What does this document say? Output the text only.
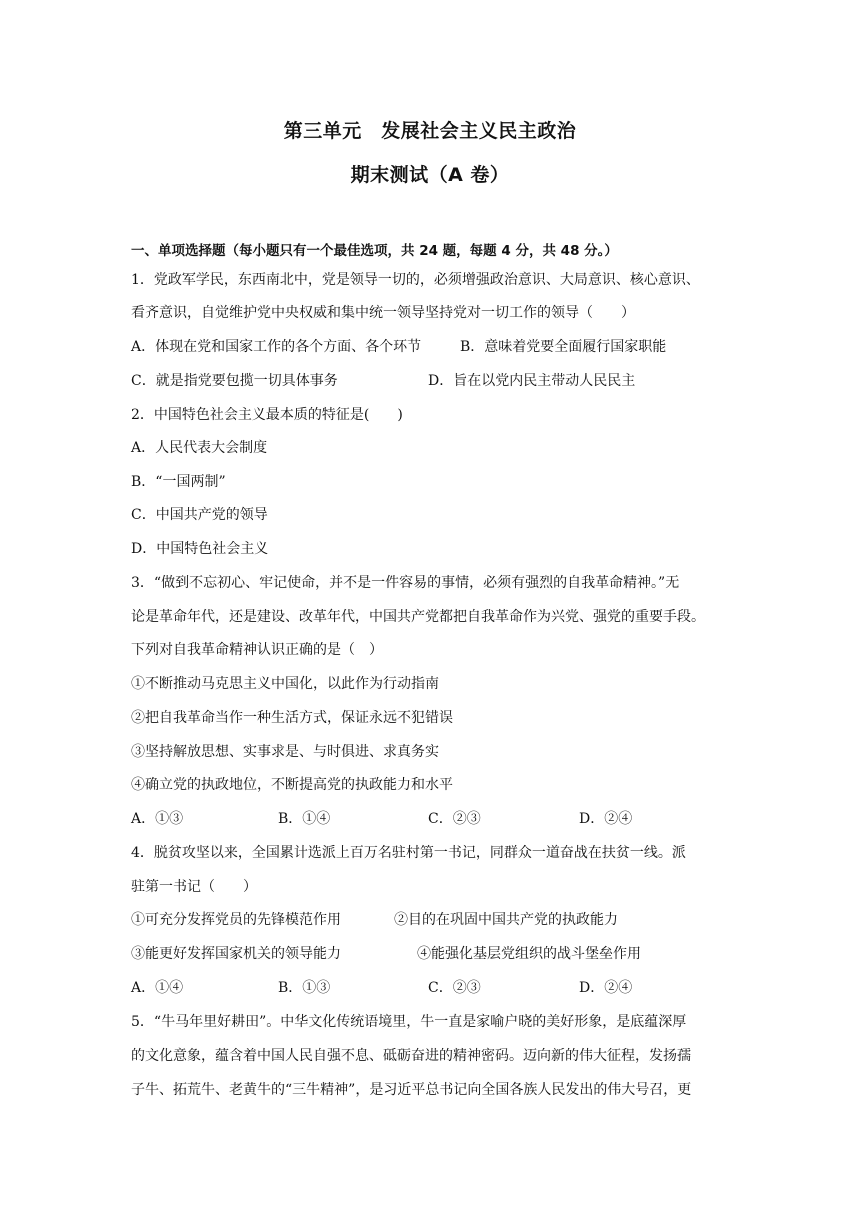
第三单元　发展社会主义民主政治
期末测试（A 卷）
一、单项选择题（每小题只有一个最佳选项，共 24 题，每题 4 分，共 48 分。）
1．党政军学民，东西南北中，党是领导一切的，必须增强政治意识、大局意识、核心意识、
看齐意识，自觉维护党中央权威和集中统一领导坚持党对一切工作的领导（　　）
A．体现在党和国家工作的各个方面、各个环节	B．意味着党要全面履行国家职能
C．就是指党要包揽一切具体事务	D．旨在以党内民主带动人民民主
2．中国特色社会主义最本质的特征是(　　)
A．人民代表大会制度
B．“一国两制”
C．中国共产党的领导
D．中国特色社会主义
3．“做到不忘初心、牢记使命，并不是一件容易的事情，必须有强烈的自我革命精神。”无
论是革命年代，还是建设、改革年代，中国共产党都把自我革命作为兴党、强党的重要手段。
下列对自我革命精神认识正确的是（　）
①不断推动马克思主义中国化，以此作为行动指南
②把自我革命当作一种生活方式，保证永远不犯错误
③坚持解放思想、实事求是、与时俱进、求真务实
④确立党的执政地位，不断提高党的执政能力和水平
A．①③	B．①④	C．②③	D．②④
4．脱贫攻坚以来，全国累计选派上百万名驻村第一书记，同群众一道奋战在扶贫一线。派
驻第一书记（　　）
①可充分发挥党员的先锋模范作用	②目的在巩固中国共产党的执政能力
③能更好发挥国家机关的领导能力	④能强化基层党组织的战斗堡垒作用
A．①④	B．①③	C．②③	D．②④
5．“牛马年里好耕田”。中华文化传统语境里，牛一直是家喻户晓的美好形象，是底蕴深厚
的文化意象，蕴含着中国人民自强不息、砥砺奋进的精神密码。迈向新的伟大征程，发扬孺
子牛、拓荒牛、老黄牛的“三牛精神”，是习近平总书记向全国各族人民发出的伟大号召，更
